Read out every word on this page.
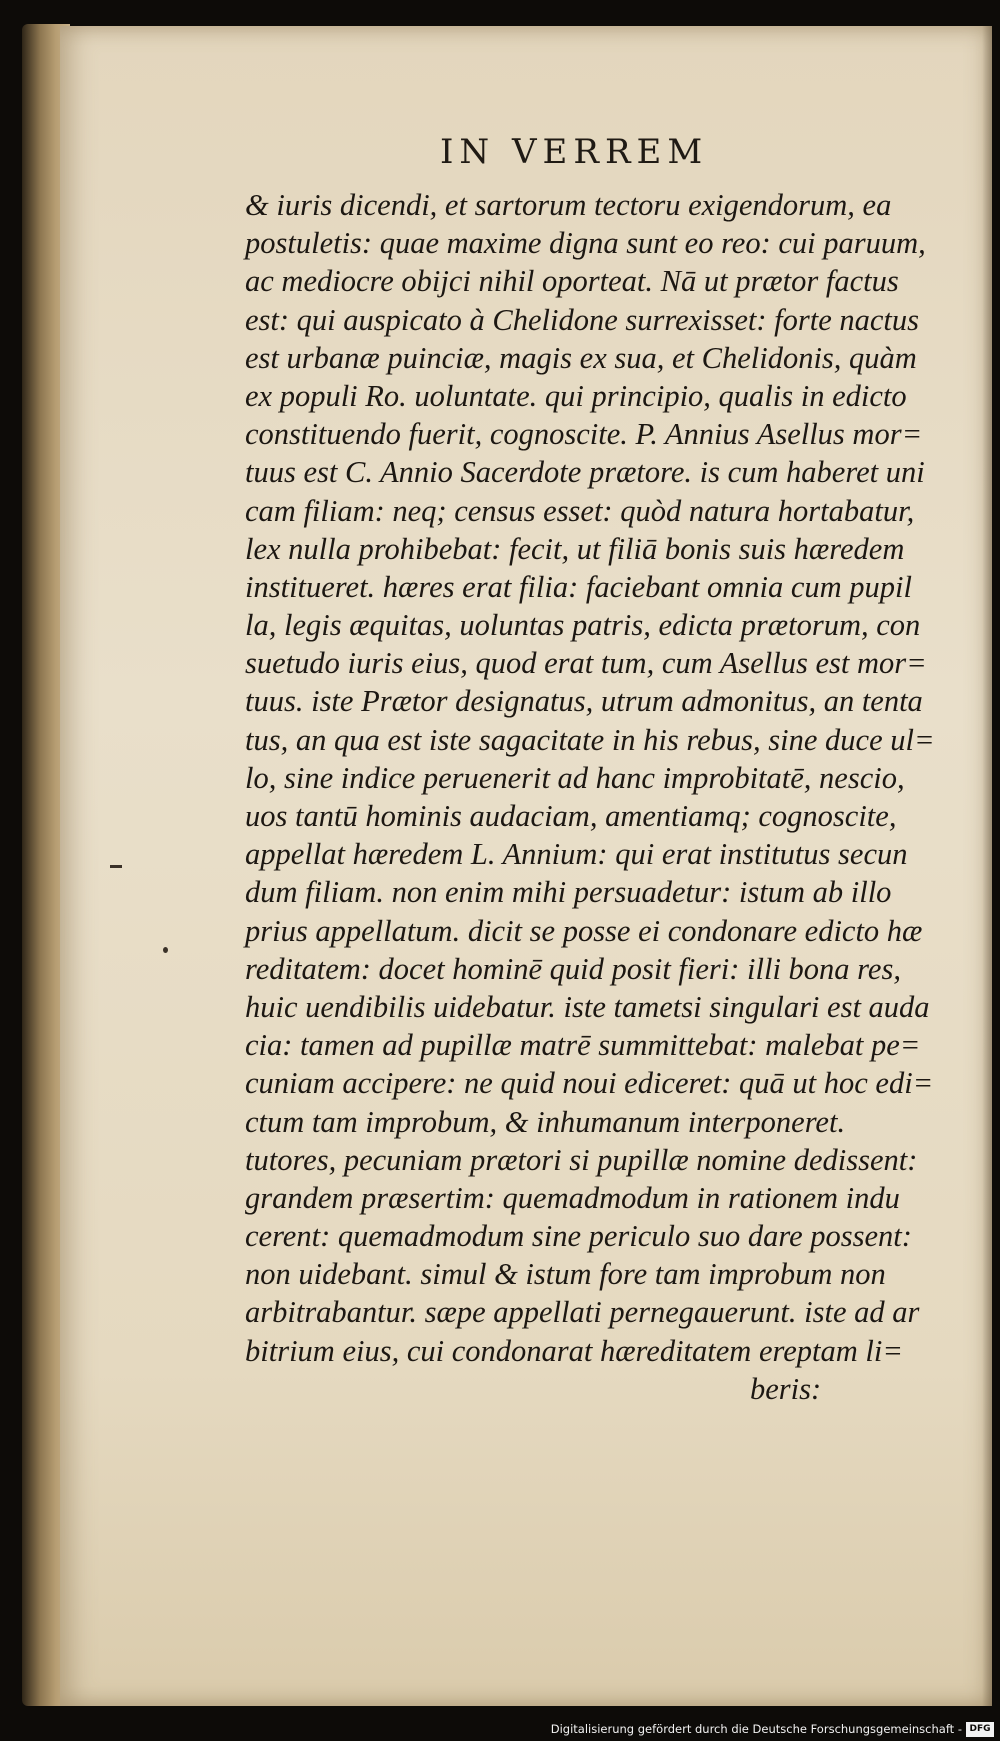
IN VERREM
& iuris dicendi, et sartorum tectoru exigendorum, ea
postuletis: quae maxime digna sunt eo reo: cui paruum,
ac mediocre obijci nihil oporteat. Nā ut prætor factus
est: qui auspicato à Chelidone surrexisset: forte nactus
est urbanæ puinciæ, magis ex sua, et Chelidonis, quàm
ex populi Ro. uoluntate. qui principio, qualis in edicto
constituendo fuerit, cognoscite. P. Annius Asellus mor=
tuus est C. Annio Sacerdote prætore. is cum haberet uni
cam filiam: neq; census esset: quòd natura hortabatur,
lex nulla prohibebat: fecit, ut filiā bonis suis hæredem
institueret. hæres erat filia: faciebant omnia cum pupil
la, legis æquitas, uoluntas patris, edicta prætorum, con
suetudo iuris eius, quod erat tum, cum Asellus est mor=
tuus. iste Prætor designatus, utrum admonitus, an tenta
tus, an qua est iste sagacitate in his rebus, sine duce ul=
lo, sine indice peruenerit ad hanc improbitatē, nescio,
uos tantū hominis audaciam, amentiamq; cognoscite,
appellat hæredem L. Annium: qui erat institutus secun
dum filiam. non enim mihi persuadetur: istum ab illo
prius appellatum. dicit se posse ei condonare edicto hæ
reditatem: docet hominē quid posit fieri: illi bona res,
huic uendibilis uidebatur. iste tametsi singulari est auda
cia: tamen ad pupillæ matrē summittebat: malebat pe=
cuniam accipere: ne quid noui ediceret: quā ut hoc edi=
ctum tam improbum, & inhumanum interponeret.
tutores, pecuniam prætori si pupillæ nomine dedissent:
grandem præsertim: quemadmodum in rationem indu
cerent: quemadmodum sine periculo suo dare possent:
non uidebant. simul & istum fore tam improbum non
arbitrabantur. sæpe appellati pernegauerunt. iste ad ar
bitrium eius, cui condonarat hæreditatem ereptam li=
beris:
Digitalisierung gefördert durch die Deutsche Forschungsgemeinschaft - DFG
